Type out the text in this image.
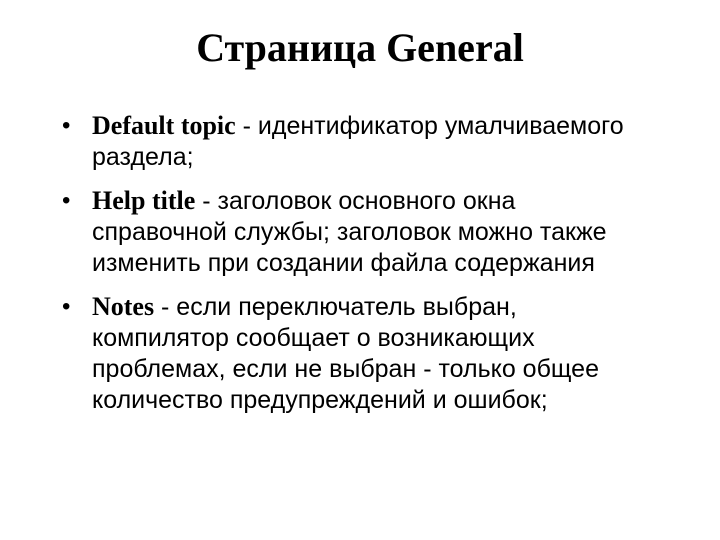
Страница General
• Default topic - идентификатор умалчиваемого раздела;
• Help title - заголовок основного окна справочной службы; заголовок можно также изменить при создании файла содержания
• Notes - если переключатель выбран, компилятор сообщает о возникающих проблемах, если не выбран - только общее количество предупреждений и ошибок;
